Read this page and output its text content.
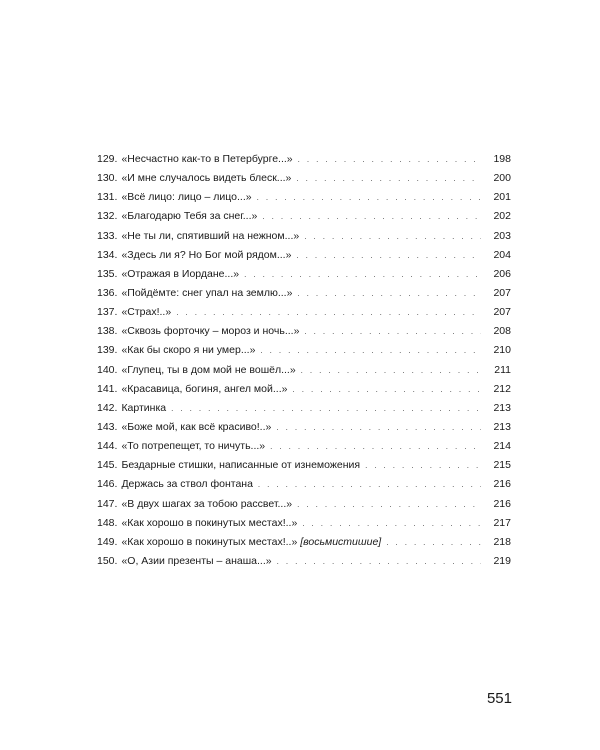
129. «Несчастно как-то в Петербурге...» . . .	198
130. «И мне случалось видеть блеск...» . . .	200
131. «Всё лицо: лицо – лицо...» . . .	201
132. «Благодарю Тебя за снег...» . . .	202
133. «Не ты ли, спятивший на нежном...» . . .	203
134. «Здесь ли я? Но Бог мой рядом...» . . .	204
135. «Отражая в Иордане...» . . .	206
136. «Пойдёмте: снег упал на землю...» . . .	207
137. «Страх!..» . . .	207
138. «Сквозь форточку – мороз и ночь...» . . .	208
139. «Как бы скоро я ни умер...» . . .	210
140. «Глупец, ты в дом мой не вошёл...» . . .	211
141. «Красавица, богиня, ангел мой...» . . .	212
142. Картинка . . .	213
143. «Боже мой, как всё красиво!..» . . .	213
144. «То потрепещет, то ничуть...» . . .	214
145. Бездарные стишки, написанные от изнеможения . . .	215
146. Держась за ствол фонтана . . .	216
147. «В двух шагах за тобою рассвет...» . . .	216
148. «Как хорошо в покинутых местах!..» . . .	217
149. «Как хорошо в покинутых местах!..» [восьмистишие] . . .	218
150. «О, Азии презенты – анаша...» . . .	219
551
